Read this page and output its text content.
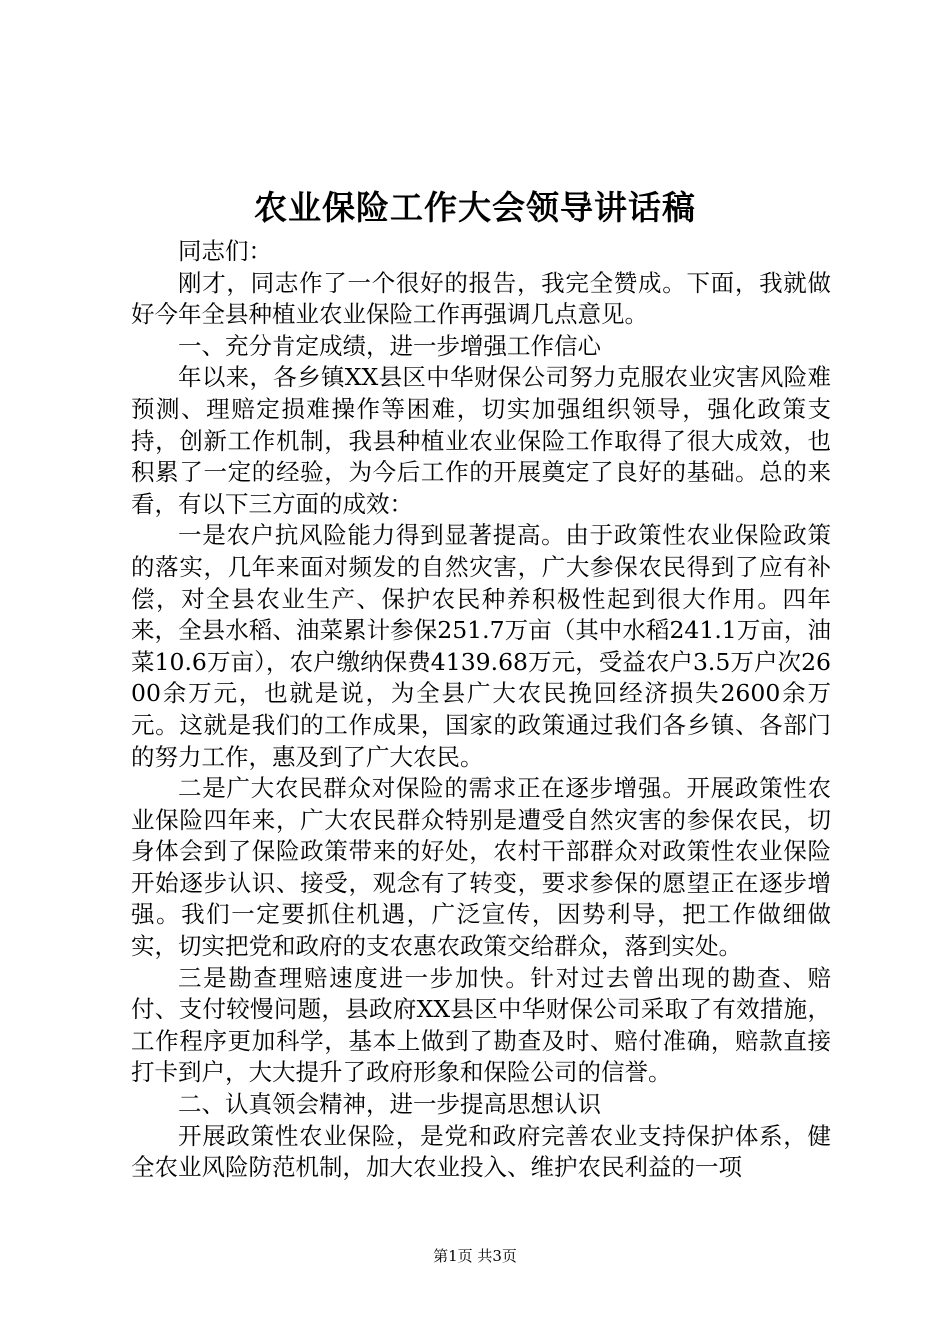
农业保险工作大会领导讲话稿

同志们：

刚才，同志作了一个很好的报告，我完全赞成。下面，我就做好今年全县种植业农业保险工作再强调几点意见。

一、充分肯定成绩，进一步增强工作信心

年以来，各乡镇XX县区中华财保公司努力克服农业灾害风险难预测、理赔定损难操作等困难，切实加强组织领导，强化政策支持，创新工作机制，我县种植业农业保险工作取得了很大成效，也积累了一定的经验，为今后工作的开展奠定了良好的基础。总的来看，有以下三方面的成效：

一是农户抗风险能力得到显著提高。由于政策性农业保险政策的落实，几年来面对频发的自然灾害，广大参保农民得到了应有补偿，对全县农业生产、保护农民种养积极性起到很大作用。四年来，全县水稻、油菜累计参保251.7万亩（其中水稻241.1万亩，油菜10.6万亩），农户缴纳保费4139.68万元，受益农户3.5万户次2600余万元，也就是说，为全县广大农民挽回经济损失2600余万元。这就是我们的工作成果，国家的政策通过我们各乡镇、各部门的努力工作，惠及到了广大农民。

二是广大农民群众对保险的需求正在逐步增强。开展政策性农业保险四年来，广大农民群众特别是遭受自然灾害的参保农民，切身体会到了保险政策带来的好处，农村干部群众对政策性农业保险开始逐步认识、接受，观念有了转变，要求参保的愿望正在逐步增强。我们一定要抓住机遇，广泛宣传，因势利导，把工作做细做实，切实把党和政府的支农惠农政策交给群众，落到实处。

三是勘查理赔速度进一步加快。针对过去曾出现的勘查、赔付、支付较慢问题，县政府XX县区中华财保公司采取了有效措施，工作程序更加科学，基本上做到了勘查及时、赔付准确，赔款直接打卡到户，大大提升了政府形象和保险公司的信誉。

二、认真领会精神，进一步提高思想认识

开展政策性农业保险，是党和政府完善农业支持保护体系，健全农业风险防范机制，加大农业投入、维护农民利益的一项

第1页 共3页
